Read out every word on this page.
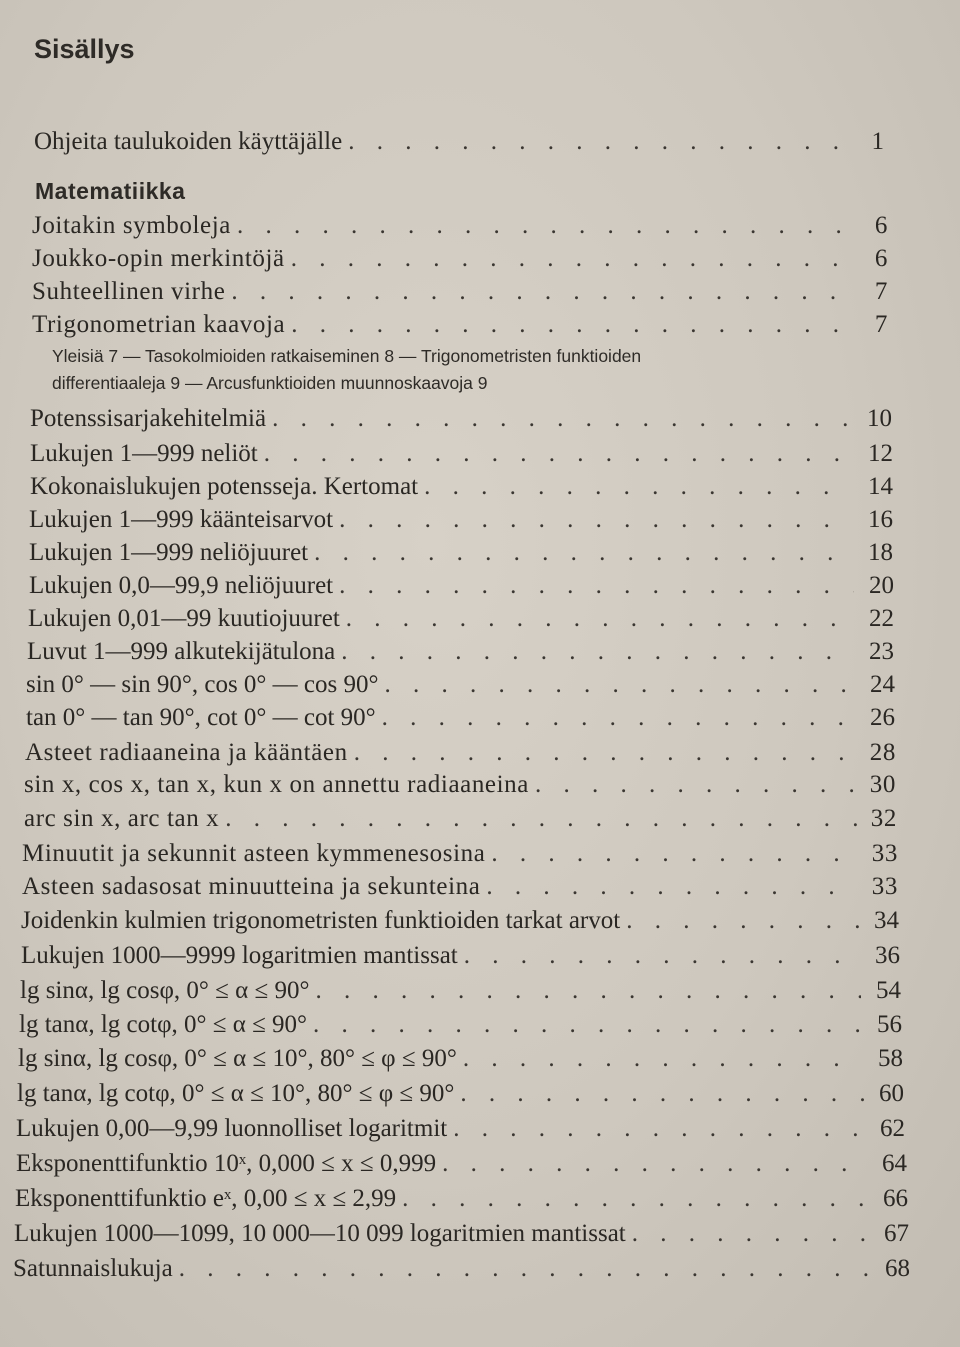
Sisällys
Ohjeita taulukoiden käyttäjälle . . .	1
Matematiikka
Joitakin symboleja . . .	6
Joukko-opin merkintöjä . . .	6
Suhteellinen virhe . . .	7
Trigonometrian kaavoja . . .	7
Yleisiä 7 — Tasokolmioiden ratkaiseminen 8 — Trigonometristen funktioiden
differentiaaleja 9 — Arcusfunktioiden muunnoskaavoja 9
Potenssisarjakehitelmiä . . .	10
Lukujen 1—999 neliöt . . .	12
Kokonaislukujen potensseja. Kertomat . . .	14
Lukujen 1—999 käänteisarvot . . .	16
Lukujen 1—999 neliöjuuret . . .	18
Lukujen 0,0—99,9 neliöjuuret . . .	20
Lukujen 0,01—99 kuutiojuuret . . .	22
Luvut 1—999 alkutekijätulona . . .	23
sin 0° — sin 90°, cos 0° — cos 90° . . .	24
tan 0° — tan 90°, cot 0° — cot 90° . . .	26
Asteet radiaaneina ja kääntäen . . .	28
sin x, cos x, tan x, kun x on annettu radiaaneina . . .	30
arc sin x, arc tan x . . .	32
Minuutit ja sekunnit asteen kymmenesosina . . .	33
Asteen sadasosat minuutteina ja sekunteina . . .	33
Joidenkin kulmien trigonometristen funktioiden tarkat arvot . . .	34
Lukujen 1000—9999 logaritmien mantissat . . .	36
lg sinα, lg cosφ, 0° ≤ α ≤ 90° . . .	54
lg tanα, lg cotφ, 0° ≤ α ≤ 90° . . .	56
lg sinα, lg cosφ, 0° ≤ α ≤ 10°, 80° ≤ φ ≤ 90° . . .	58
lg tanα, lg cotφ, 0° ≤ α ≤ 10°, 80° ≤ φ ≤ 90° . . .	60
Lukujen 0,00—9,99 luonnolliset logaritmit . . .	62
Eksponenttifunktio 10ˣ, 0,000 ≤ x ≤ 0,999 . . .	64
Eksponenttifunktio eˣ, 0,00 ≤ x ≤ 2,99 . . .	66
Lukujen 1000—1099, 10 000—10 099 logaritmien mantissat . . .	67
Satunnaislukuja . . .	68
